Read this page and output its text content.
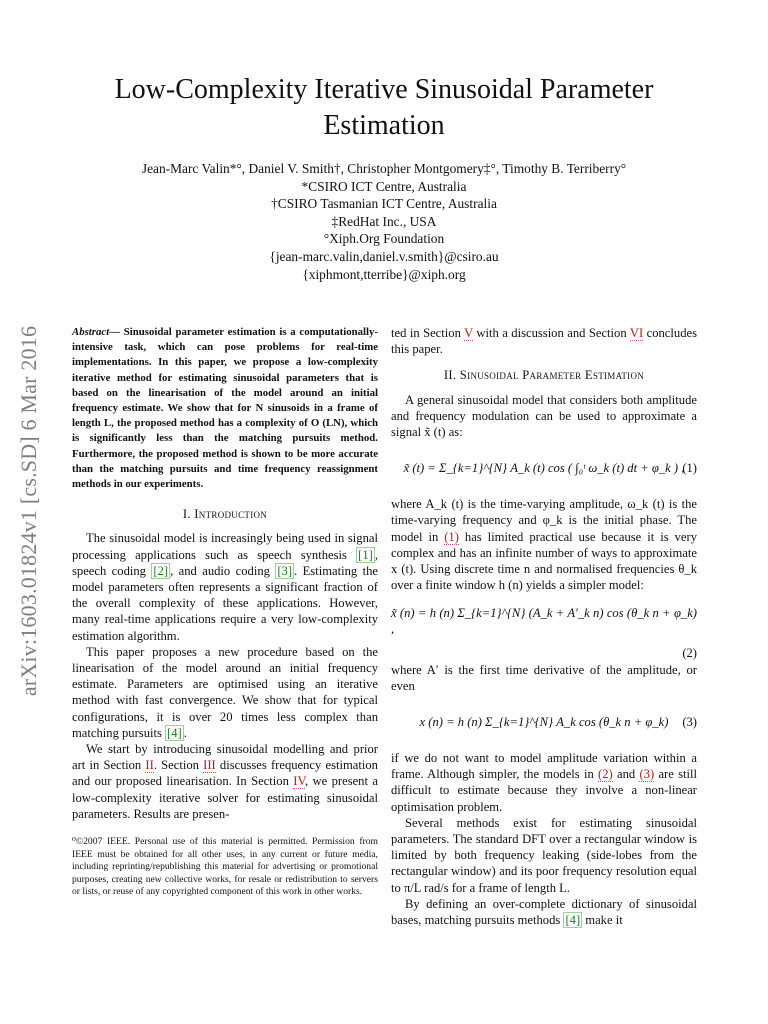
arXiv:1603.01824v1 [cs.SD] 6 Mar 2016
Low-Complexity Iterative Sinusoidal Parameter
Estimation
Jean-Marc Valin*°, Daniel V. Smith†, Christopher Montgomery‡°, Timothy B. Terriberry°
*CSIRO ICT Centre, Australia
†CSIRO Tasmanian ICT Centre, Australia
‡RedHat Inc., USA
°Xiph.Org Foundation
{jean-marc.valin,daniel.v.smith}@csiro.au
{xiphmont,tterribe}@xiph.org

Abstract— Sinusoidal parameter estimation is a computationally-intensive task, which can pose problems for real-time implementations. In this paper, we propose a low-complexity iterative method for estimating sinusoidal parameters that is based on the linearisation of the model around an initial frequency estimate. We show that for N sinusoids in a frame of length L, the proposed method has a complexity of O (LN), which is significantly less than the matching pursuits method. Furthermore, the proposed method is shown to be more accurate than the matching pursuits and time frequency reassignment methods in our experiments.

I. Introduction

The sinusoidal model is increasingly being used in signal processing applications such as speech synthesis [1] , speech coding [2] , and audio coding [3] . Estimating the model parameters often represents a significant fraction of the overall complexity of these applications. However, many real-time applications require a very low-complexity estimation algorithm.

This paper proposes a new procedure based on the linearisation of the model around an initial frequency estimate. Parameters are optimised using an iterative method with fast convergence. We show that for typical configurations, it is over 20 times less complex than matching pursuits [4] .

We start by introducing sinusoidal modelling and prior art in Section II. Section III discusses frequency estimation and our proposed linearisation. In Section IV, we present a low-complexity iterative solver for estimating sinusoidal parameters. Results are presen-

⁰©2007 IEEE. Personal use of this material is permitted. Permission from IEEE must be obtained for all other uses, in any current or future media, including reprinting/republishing this material for advertising or promotional purposes, creating new collective works, for resale or redistribution to servers or lists, or reuse of any copyrighted component of this work in other works.

ted in Section V with a discussion and Section VI concludes this paper.

II. Sinusoidal Parameter Estimation

A general sinusoidal model that considers both amplitude and frequency modulation can be used to approximate a signal x̃ (t) as:

x̃ (t) = Σ_{k=1}^{N} A_k (t) cos ( ∫₀ᵗ ω_k (t) dt + φ_k ) ,
(1)

where A_k (t) is the time-varying amplitude, ω_k (t) is the time-varying frequency and φ_k is the initial phase. The model in (1) has limited practical use because it is very complex and has an infinite number of ways to approximate x (t). Using discrete time n and normalised frequencies θ_k over a finite window h (n) yields a simpler model:

x̃ (n) = h (n) Σ_{k=1}^{N} (A_k + A′_k n) cos (θ_k n + φ_k) ,
(2)

where A′ is the first time derivative of the amplitude, or even

x (n) = h (n) Σ_{k=1}^{N} A_k cos (θ_k n + φ_k) (3)

if we do not want to model amplitude variation within a frame. Although simpler, the models in (2) and (3) are still difficult to estimate because they involve a non-linear optimisation problem.

Several methods exist for estimating sinusoidal parameters. The standard DFT over a rectangular window is limited by both frequency leaking (side-lobes from the rectangular window) and its poor frequency resolution equal to π/L rad/s for a frame of length L.

By defining an over-complete dictionary of sinusoidal bases, matching pursuits methods [4] make it
